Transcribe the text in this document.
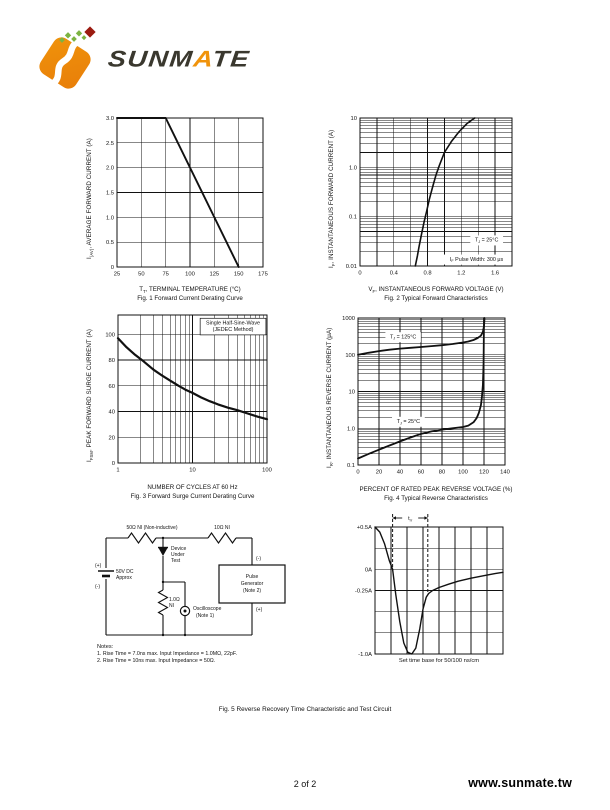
SUNMATE
25	50	75	100	125	150	175
0
0.5
1.0
1.5
2.0
2.5
3.0
$I_{(AV)}$, AVERAGE FORWARD CURRENT (A)
$T_T$, TERMINAL TEMPERATURE (°C)
Fig. 1 Forward Current Derating Curve
0	0.4	0.8	1.2	1.6
0.01
0.1
1.0
10
$T_J = 25^\circ C$
$I_F$ Pulse Width: 300 μs
$I_F$, INSTANTANEOUS FORWARD CURRENT (A)
$V_F$, INSTANTANEOUS FORWARD VOLTAGE (V)
Fig. 2 Typical Forward Characteristics
1	10	100
0
20
40
60
80
100
Single Half-Sine-Wave
(JEDEC Method)
$I_{FSM}$, PEAK FORWARD SURGE CURRENT (A)
NUMBER OF CYCLES AT 60 Hz
Fig. 3 Forward Surge Current Derating Curve
0	20	40	60	80 100 120 140
0.1
1.0
10
100
1000
$T_J = 125^\circ C$
$T_J = 25^\circ C$
$I_R$, INSTANTANEOUS REVERSE CURRENT (μA)
PERCENT OF RATED PEAK REVERSE VOLTAGE (%)
Fig. 4 Typical Reverse Characteristics
50Ω NI (Non-inductive)	10Ω NI
Device
Under
Test
(+)
(-)
50V DC
Approx
1.0Ω
NI	Oscilloscope
(Note 1)
Pulse
Generator
(Note 2)
(-)
(+)
Notes:
1. Rise Time = 7.0ns max. Input Impedance = 1.0MΩ, 22pF.
2. Rise Time = 10ns max. Input Impedance = 50Ω.
+0.5A
0A
-0.25A
-1.0A
$t_{rr}$
Set time base for 50/100 ns/cm
Fig. 5 Reverse Recovery Time Characteristic and Test Circuit
2 of 2	www.sunmate.tw
